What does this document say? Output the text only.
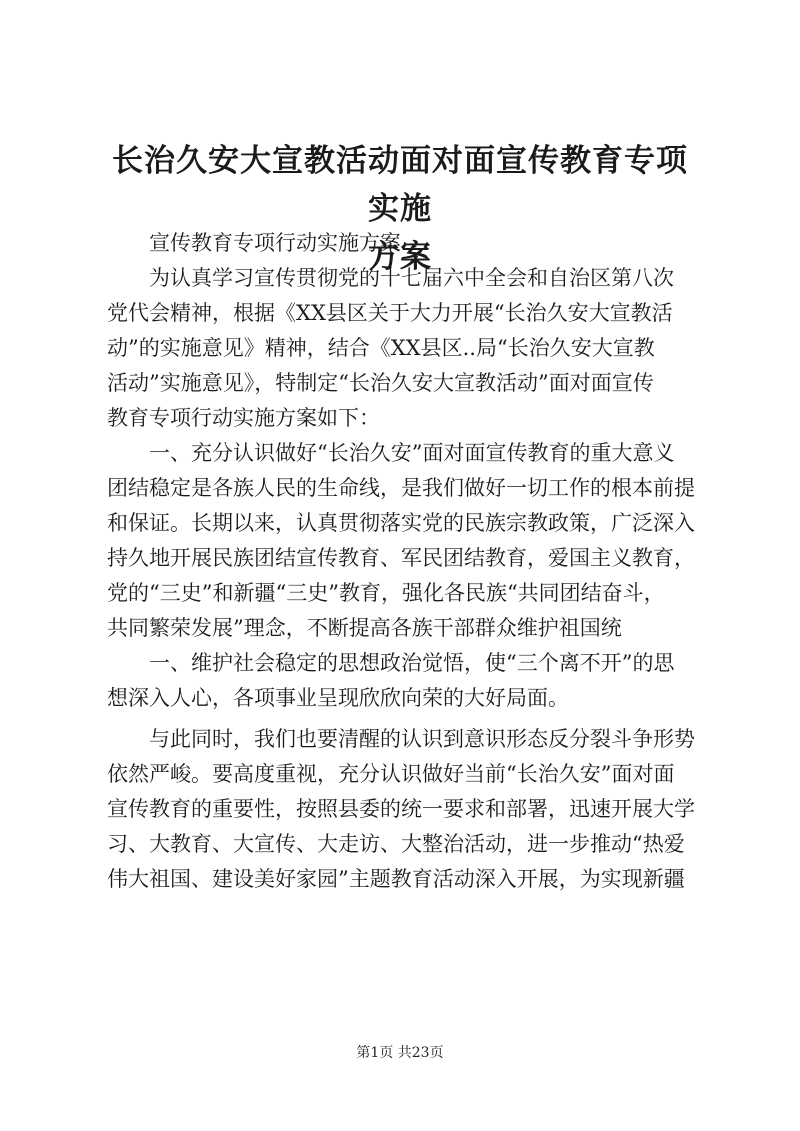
长治久安大宣教活动面对面宣传教育专项实施
方案
宣传教育专项行动实施方案
为认真学习宣传贯彻党的十七届六中全会和自治区第八次
党代会精神，根据《XX县区关于大力开展“长治久安大宣教活
动”的实施意见》精神，结合《XX县区..局“长治久安大宣教
活动”实施意见》，特制定“长治久安大宣教活动”面对面宣传
教育专项行动实施方案如下：
一、充分认识做好“长治久安”面对面宣传教育的重大意义
团结稳定是各族人民的生命线，是我们做好一切工作的根本前提
和保证。长期以来，认真贯彻落实党的民族宗教政策，广泛深入
持久地开展民族团结宣传教育、军民团结教育，爱国主义教育，
党的“三史”和新疆“三史”教育，强化各民族“共同团结奋斗，
共同繁荣发展”理念，不断提高各族干部群众维护祖国统
一、维护社会稳定的思想政治觉悟，使“三个离不开”的思
想深入人心，各项事业呈现欣欣向荣的大好局面。
与此同时，我们也要清醒的认识到意识形态反分裂斗争形势
依然严峻。要高度重视，充分认识做好当前“长治久安”面对面
宣传教育的重要性，按照县委的统一要求和部署，迅速开展大学
习、大教育、大宣传、大走访、大整治活动，进一步推动“热爱
伟大祖国、建设美好家园”主题教育活动深入开展，为实现新疆
第1页 共23页
